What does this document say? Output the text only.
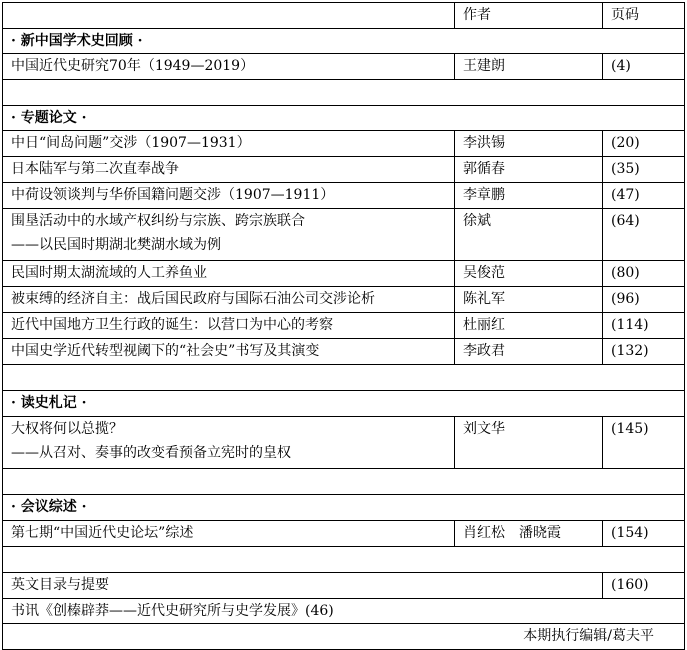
	作者	页码
· 新中国学术史回顾 ·		
中国近代史研究70年（1949—2019）	王建朗	(4)

· 专题论文 ·		
中日“间岛问题”交涉（1907—1931）	李洪锡	(20)
日本陆军与第二次直奉战争	郭循春	(35)
中荷设领谈判与华侨国籍问题交涉（1907—1911）	李章鹏	(47)

围垦活动中的水域产权纠纷与宗族、跨宗族联合
——以民国时期湖北樊湖水域为例	徐斌	(64)
民国时期太湖流域的人工养鱼业	吴俊范	(80)
被束缚的经济自主：战后国民政府与国际石油公司交涉论析	陈礼军	(96)
近代中国地方卫生行政的诞生：以营口为中心的考察	杜丽红	(114)
中国史学近代转型视阈下的“社会史”书写及其演变	李政君	(132)

· 读史札记 ·		

大权将何以总揽？
——从召对、奏事的改变看预备立宪时的皇权	刘文华	(145)

· 会议综述 ·		
第七期“中国近代史论坛”综述	肖红松　潘晓霞	(154)

英文目录与提要		(160)
书讯《创榛辟莽——近代史研究所与史学发展》(46)		
本期执行编辑/葛夫平		
